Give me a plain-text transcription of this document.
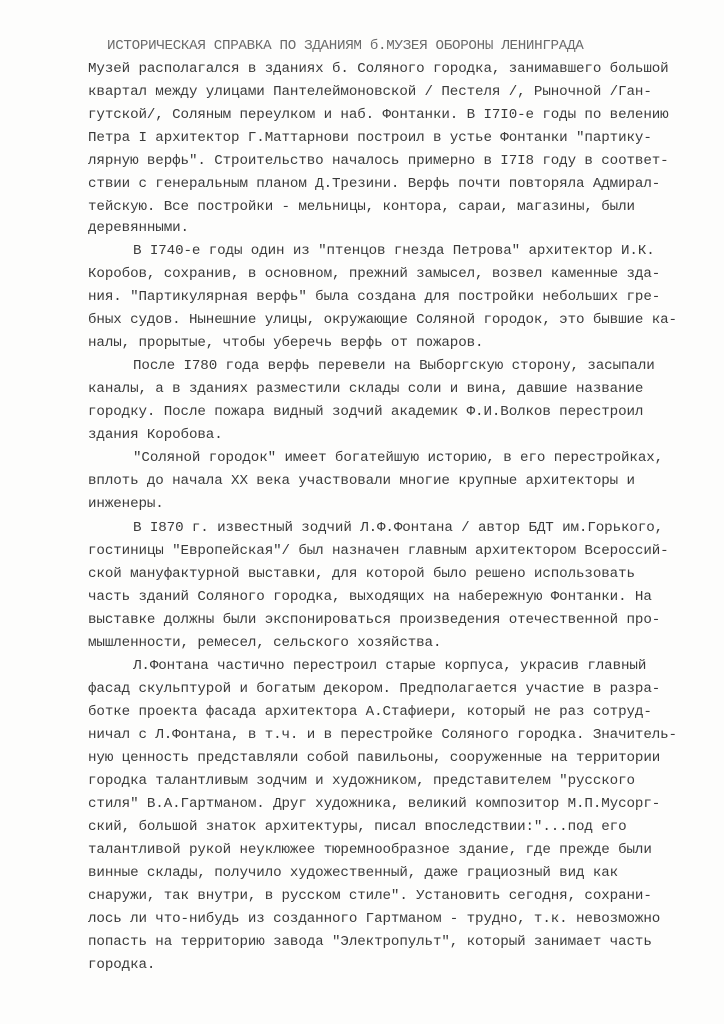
ИСТОРИЧЕСКАЯ СПРАВКА ПО ЗДАНИЯМ б.МУЗЕЯ ОБОРОНЫ ЛЕНИНГРАДА
Музей располагался в зданиях б. Соляного городка, занимавшего большой
квартал между улицами Пантелеймоновской / Пестеля /, Рыночной /Ган-
гутской/, Соляным переулком и наб. Фонтанки. В I7I0-е годы по велению
Петра I архитектор Г.Маттарнови построил в устье Фонтанки "партику-
лярную верфь". Строительство началось примерно в I7I8 году в соответ-
ствии с генеральным планом Д.Трезини. Верфь почти повторяла Адмирал-
тейскую. Все постройки - мельницы, контора, сараи, магазины, были
деревянными.
В I740-е годы один из "птенцов гнезда Петрова" архитектор И.К.
Коробов, сохранив, в основном, прежний замысел, возвел каменные зда-
ния. "Партикулярная верфь" была создана для постройки небольших гре-
бных судов. Нынешние улицы, окружающие Соляной городок, это бывшие ка-
налы, прорытые, чтобы уберечь верфь от пожаров.
После I780 года верфь перевели на Выборгскую сторону, засыпали
каналы, а в зданиях разместили склады соли и вина, давшие название
городку. После пожара видный зодчий академик Ф.И.Волков перестроил
здания Коробова.
"Соляной городок" имеет богатейшую историю, в его перестройках,
вплоть до начала XX века участвовали многие крупные архитекторы и
инженеры.
В I870 г. известный зодчий Л.Ф.Фонтана / автор БДТ им.Горького,
гостиницы "Европейская"/ был назначен главным архитектором Всероссий-
ской мануфактурной выставки, для которой было решено использовать
часть зданий Соляного городка, выходящих на набережную Фонтанки. На
выставке должны были экспонироваться произведения отечественной про-
мышленности, ремесел, сельского хозяйства.
Л.Фонтана частично перестроил старые корпуса, украсив главный
фасад скульптурой и богатым декором. Предполагается участие в разра-
ботке проекта фасада архитектора А.Стафиери, который не раз сотруд-
ничал с Л.Фонтана, в т.ч. и в перестройке Соляного городка. Значитель-
ную ценность представляли собой павильоны, сооруженные на территории
городка талантливым зодчим и художником, представителем "русского
стиля" В.А.Гартманом. Друг художника, великий композитор М.П.Мусорг-
ский, большой знаток архитектуры, писал впоследствии:"...под его
талантливой рукой неуклюжее тюремнообразное здание, где прежде были
винные склады, получило художественный, даже грациозный вид как
снаружи, так внутри, в русском стиле". Установить сегодня, сохрани-
лось ли что-нибудь из созданного Гартманом - трудно, т.к. невозможно
попасть на территорию завода "Электропульт", который занимает часть
городка.
